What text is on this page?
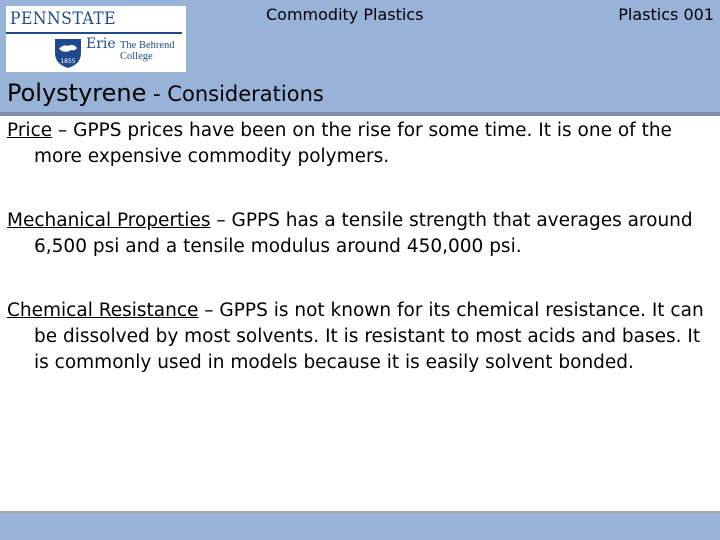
PENNSTATE
1855
Erie The Behrend College
Commodity Plastics	Plastics 001
Polystyrene - Considerations

Price – GPPS prices have been on the rise for some time. It is one of the more expensive commodity polymers.

Mechanical Properties – GPPS has a tensile strength that averages around 6,500 psi and a tensile modulus around 450,000 psi.

Chemical Resistance – GPPS is not known for its chemical resistance. It can be dissolved by most solvents. It is resistant to most acids and bases. It is commonly used in models because it is easily solvent bonded.
